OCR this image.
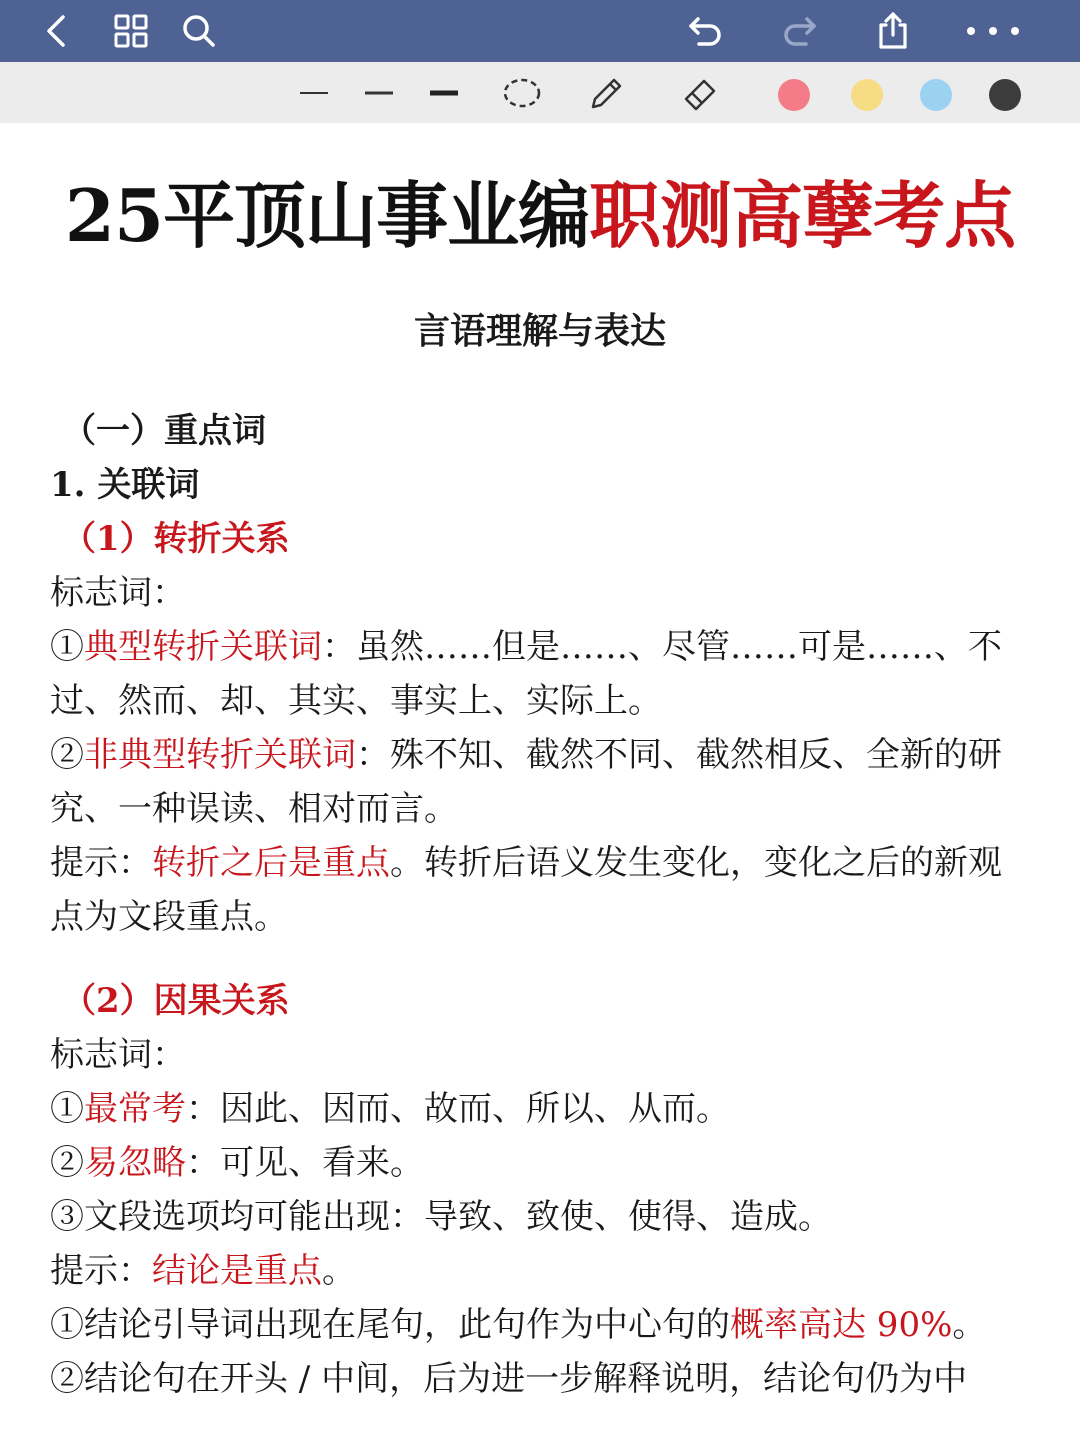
25平顶山事业编职测高孽考点
言语理解与表达
（一）重点词
1. 关联词
（1）转折关系
标志词：
①典型转折关联词：虽然……但是……、尽管……可是……、不
过、然而、却、其实、事实上、实际上。
②非典型转折关联词：殊不知、截然不同、截然相反、全新的研
究、一种误读、相对而言。
提示：转折之后是重点。转折后语义发生变化，变化之后的新观
点为文段重点。
（2）因果关系
标志词：
①最常考：因此、因而、故而、所以、从而。
②易忽略：可见、看来。
③文段选项均可能出现：导致、致使、使得、造成。
提示：结论是重点。
①结论引导词出现在尾句，此句作为中心句的概率高达 90%。
②结论句在开头 / 中间，后为进一步解释说明，结论句仍为中
